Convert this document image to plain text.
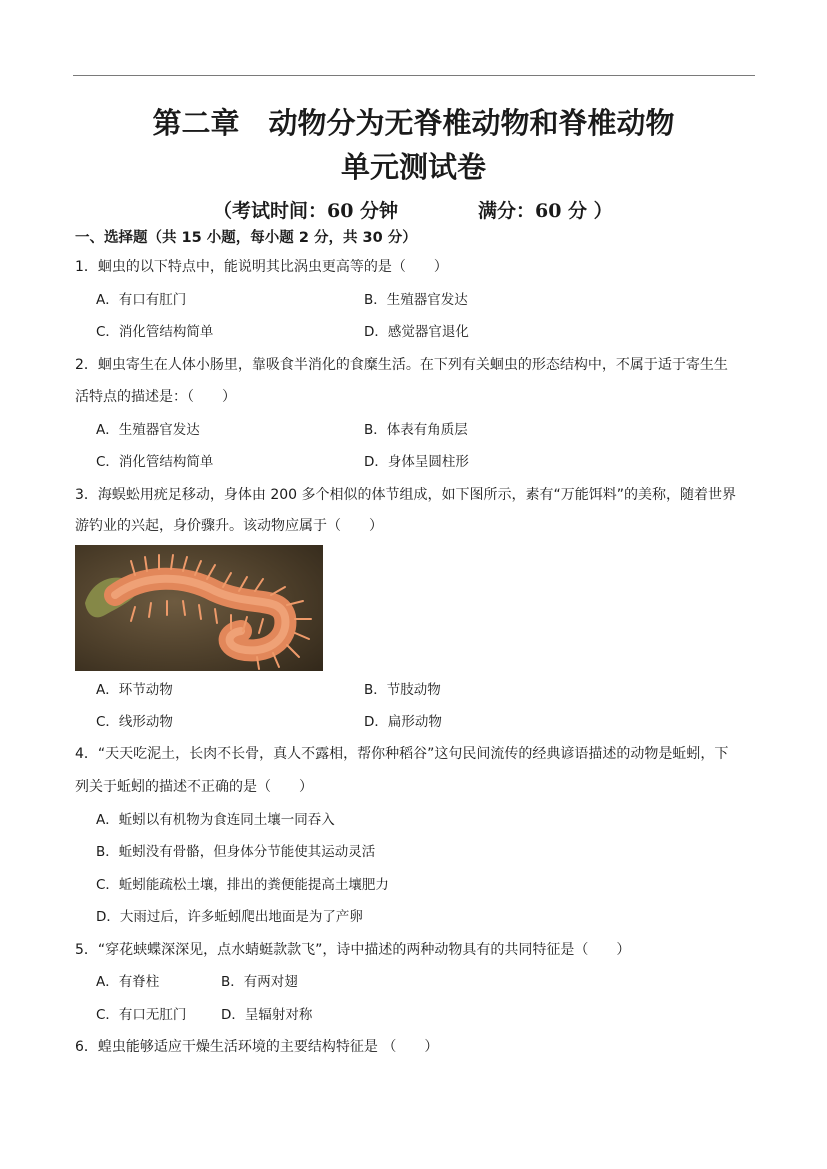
第二章　动物分为无脊椎动物和脊椎动物
单元测试卷
（考试时间：60 分钟	满分：60 分 ）
一、选择题（共 15 小题，每小题 2 分，共 30 分）
1．蛔虫的以下特点中，能说明其比涡虫更高等的是（　　）
A．有口有肛门	B．生殖器官发达
C．消化管结构简单	D．感觉器官退化
2．蛔虫寄生在人体小肠里，靠吸食半消化的食糜生活。在下列有关蛔虫的形态结构中，不属于适于寄生生
活特点的描述是：（　　）
A．生殖器官发达	B．体表有角质层
C．消化管结构简单	D．身体呈圆柱形
3．海蜈蚣用疣足移动，身体由 200 多个相似的体节组成，如下图所示，素有“万能饵料”的美称，随着世界
游钓业的兴起，身价骤升。该动物应属于（　　）
A．环节动物	B．节肢动物
C．线形动物	D．扁形动物
4．“天天吃泥土，长肉不长骨，真人不露相，帮你种稻谷”这句民间流传的经典谚语描述的动物是蚯蚓，下
列关于蚯蚓的描述不正确的是（　　）
A．蚯蚓以有机物为食连同土壤一同吞入
B．蚯蚓没有骨骼，但身体分节能使其运动灵活
C．蚯蚓能疏松土壤，排出的粪便能提高土壤肥力
D．大雨过后，许多蚯蚓爬出地面是为了产卵
5．“穿花蛱蝶深深见，点水蜻蜓款款飞”，诗中描述的两种动物具有的共同特征是（　　）
A．有脊柱	B．有两对翅
C．有口无肛门	D．呈辐射对称
6．蝗虫能够适应干燥生活环境的主要结构特征是 （　　）
